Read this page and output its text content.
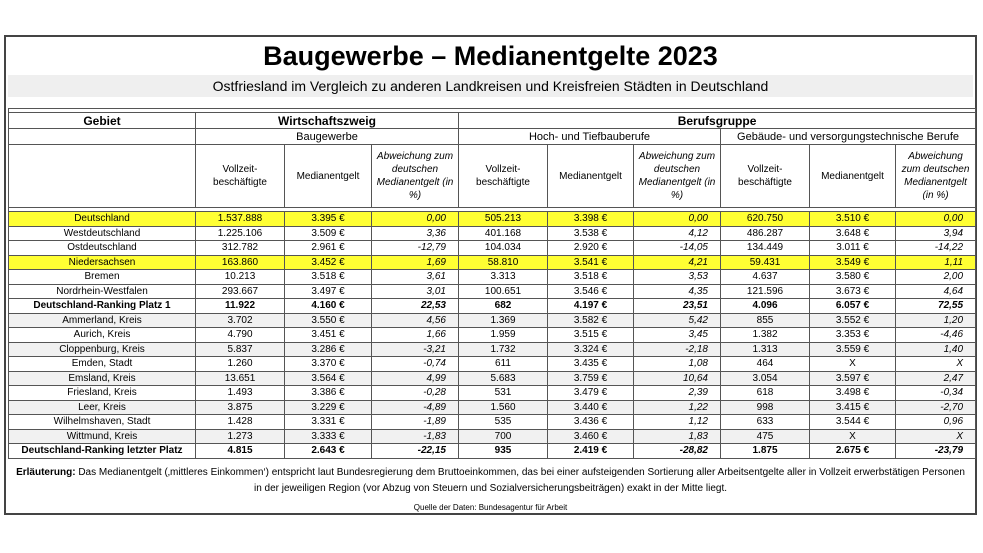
Baugewerbe – Medianentgelte 2023
Ostfriesland im Vergleich zu anderen Landkreisen und Kreisfreien Städten in Deutschland

Gebiet	Wirtschaftszweig			Berufsgruppe					
	Baugewerbe			Hoch- und Tiefbauberufe			Gebäude- und versorgungstechnische Berufe		
	Vollzeit-beschäftigte	Medianentgelt	Abweichung zum deutschen Medianentgelt (in %)	Vollzeit-beschäftigte	Medianentgelt	Abweichung zum deutschen Medianentgelt (in %)	Vollzeit-beschäftigte	Medianentgelt	Abweichung zum deutschen Medianentgelt (in %)

Deutschland	1.537.888	3.395 €	0,00	505.213	3.398 €	0,00	620.750	3.510 €	0,00
Westdeutschland	1.225.106	3.509 €	3,36	401.168	3.538 €	4,12	486.287	3.648 €	3,94
Ostdeutschland	312.782	2.961 €	-12,79	104.034	2.920 €	-14,05	134.449	3.011 €	-14,22
Niedersachsen	163.860	3.452 €	1,69	58.810	3.541 €	4,21	59.431	3.549 €	1,11
Bremen	10.213	3.518 €	3,61	3.313	3.518 €	3,53	4.637	3.580 €	2,00
Nordrhein-Westfalen	293.667	3.497 €	3,01	100.651	3.546 €	4,35	121.596	3.673 €	4,64
Deutschland-Ranking Platz 1	11.922	4.160 €	22,53	682	4.197 €	23,51	4.096	6.057 €	72,55
Ammerland, Kreis	3.702	3.550 €	4,56	1.369	3.582 €	5,42	855	3.552 €	1,20
Aurich, Kreis	4.790	3.451 €	1,66	1.959	3.515 €	3,45	1.382	3.353 €	-4,46
Cloppenburg, Kreis	5.837	3.286 €	-3,21	1.732	3.324 €	-2,18	1.313	3.559 €	1,40
Emden, Stadt	1.260	3.370 €	-0,74	611	3.435 €	1,08	464	X	X
Emsland, Kreis	13.651	3.564 €	4,99	5.683	3.759 €	10,64	3.054	3.597 €	2,47
Friesland, Kreis	1.493	3.386 €	-0,28	531	3.479 €	2,39	618	3.498 €	-0,34
Leer, Kreis	3.875	3.229 €	-4,89	1.560	3.440 €	1,22	998	3.415 €	-2,70
Wilhelmshaven, Stadt	1.428	3.331 €	-1,89	535	3.436 €	1,12	633	3.544 €	0,96
Wittmund, Kreis	1.273	3.333 €	-1,83	700	3.460 €	1,83	475	X	X
Deutschland-Ranking letzter Platz	4.815	2.643 €	-22,15	935	2.419 €	-28,82	1.875	2.675 €	-23,79
Erläuterung: Das Medianentgelt (‚mittleres Einkommen‘) entspricht laut Bundesregierung dem Bruttoeinkommen, das bei einer aufsteigenden Sortierung aller Arbeitsentgelte aller in Vollzeit erwerbstätigen Personen in der jeweiligen Region (vor Abzug von Steuern und Sozialversicherungsbeiträgen) exakt in der Mitte liegt.
Quelle der Daten: Bundesagentur für Arbeit
